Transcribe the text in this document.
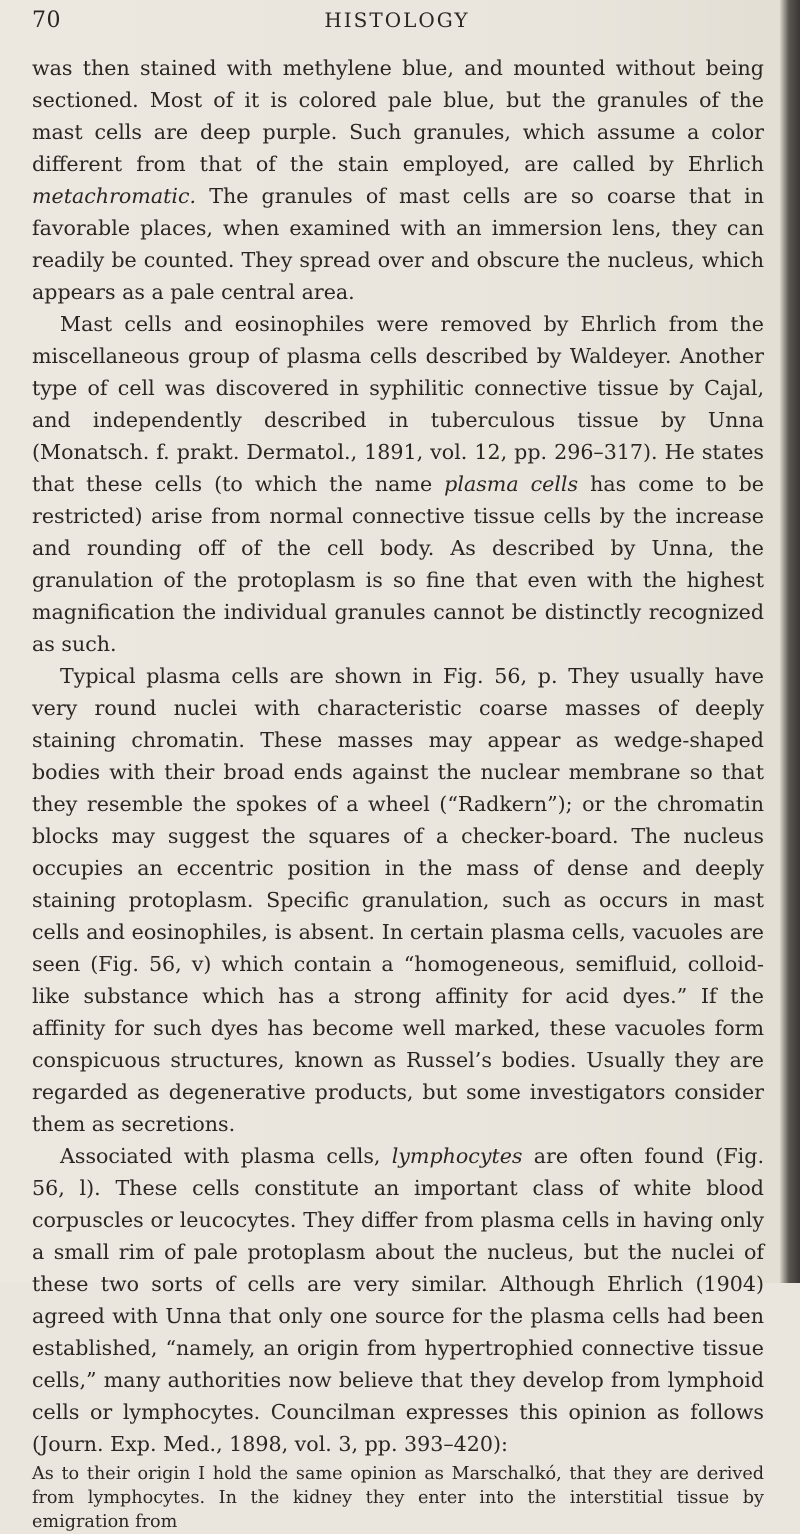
70	HISTOLOGY

was then stained with methylene blue, and mounted without being sectioned. Most of it is colored pale blue, but the granules of the mast cells are deep purple. Such granules, which assume a color different from that of the stain employed, are called by Ehrlich metachromatic. The granules of mast cells are so coarse that in favorable places, when examined with an immersion lens, they can readily be counted. They spread over and obscure the nucleus, which appears as a pale central area.

Mast cells and eosinophiles were removed by Ehrlich from the miscellaneous group of plasma cells described by Waldeyer. Another type of cell was discovered in syphilitic connective tissue by Cajal, and independently described in tuberculous tissue by Unna (Monatsch. f. prakt. Dermatol., 1891, vol. 12, pp. 296–317). He states that these cells (to which the name plasma cells has come to be restricted) arise from normal connective tissue cells by the increase and rounding off of the cell body. As described by Unna, the granulation of the protoplasm is so fine that even with the highest magnification the individual granules cannot be distinctly recognized as such.

Typical plasma cells are shown in Fig. 56, p. They usually have very round nuclei with characteristic coarse masses of deeply staining chromatin. These masses may appear as wedge-shaped bodies with their broad ends against the nuclear membrane so that they resemble the spokes of a wheel (“Radkern”); or the chromatin blocks may suggest the squares of a checker-board. The nucleus occupies an eccentric position in the mass of dense and deeply staining protoplasm. Specific granulation, such as occurs in mast cells and eosinophiles, is absent. In certain plasma cells, vacuoles are seen (Fig. 56, v) which contain a “homogeneous, semifluid, colloid-like substance which has a strong affinity for acid dyes.” If the affinity for such dyes has become well marked, these vacuoles form conspicuous structures, known as Russel’s bodies. Usually they are regarded as degenerative products, but some investigators consider them as secretions.

Associated with plasma cells, lymphocytes are often found (Fig. 56, l). These cells constitute an important class of white blood corpuscles or leucocytes. They differ from plasma cells in having only a small rim of pale protoplasm about the nucleus, but the nuclei of these two sorts of cells are very similar. Although Ehrlich (1904) agreed with Unna that only one source for the plasma cells had been established, “namely, an origin from hypertrophied connective tissue cells,” many authorities now believe that they develop from lymphoid cells or lymphocytes. Councilman expresses this opinion as follows (Journ. Exp. Med., 1898, vol. 3, pp. 393–420):

As to their origin I hold the same opinion as Marschalkó, that they are derived from lymphocytes. In the kidney they enter into the interstitial tissue by emigration from
